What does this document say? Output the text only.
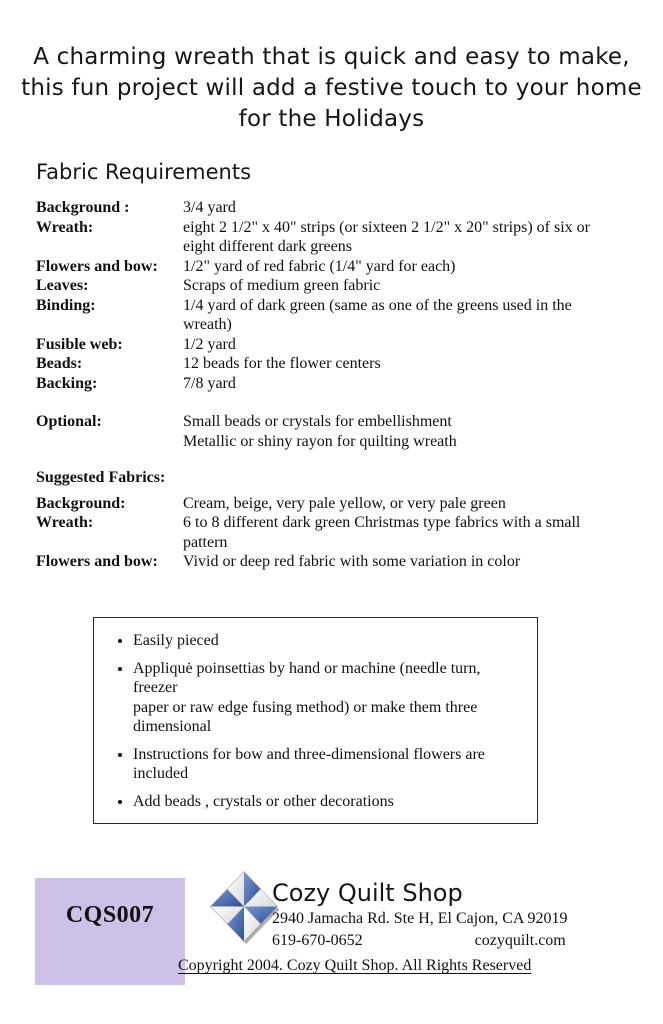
A charming wreath that is quick and easy to make,
this fun project will add a festive touch to your home
for the Holidays
Fabric Requirements
Background :	3/4 yard
Wreath:	eight 2 1/2" x 40" strips (or sixteen 2 1/2" x 20" strips) of six or
eight different dark greens
Flowers and bow:	1/2" yard of red fabric (1/4" yard for each)
Leaves:	Scraps of medium green fabric
Binding:	1/4 yard of dark green (same as one of the greens used in the
wreath)
Fusible web:	1/2 yard
Beads:	12 beads for the flower centers
Backing:	7/8 yard
Optional:	Small beads or crystals for embellishment
Metallic or shiny rayon for quilting wreath
Suggested Fabrics:
Background:	Cream, beige, very pale yellow, or very pale green
Wreath:	6 to 8 different dark green Christmas type fabrics with a small
pattern
Flowers and bow:	Vivid or deep red fabric with some variation in color
• Easily pieced
• Appliquė poinsettias by hand or machine (needle turn, freezer
paper or raw edge fusing method) or make them three
dimensional
• Instructions for bow and three-dimensional flowers are
included
• Add beads , crystals or other decorations
CQS007
Cozy Quilt Shop
2940 Jamacha Rd. Ste H, El Cajon, CA 92019
619-670-0652	cozyquilt.com
Copyright 2004. Cozy Quilt Shop. All Rights Reserved
